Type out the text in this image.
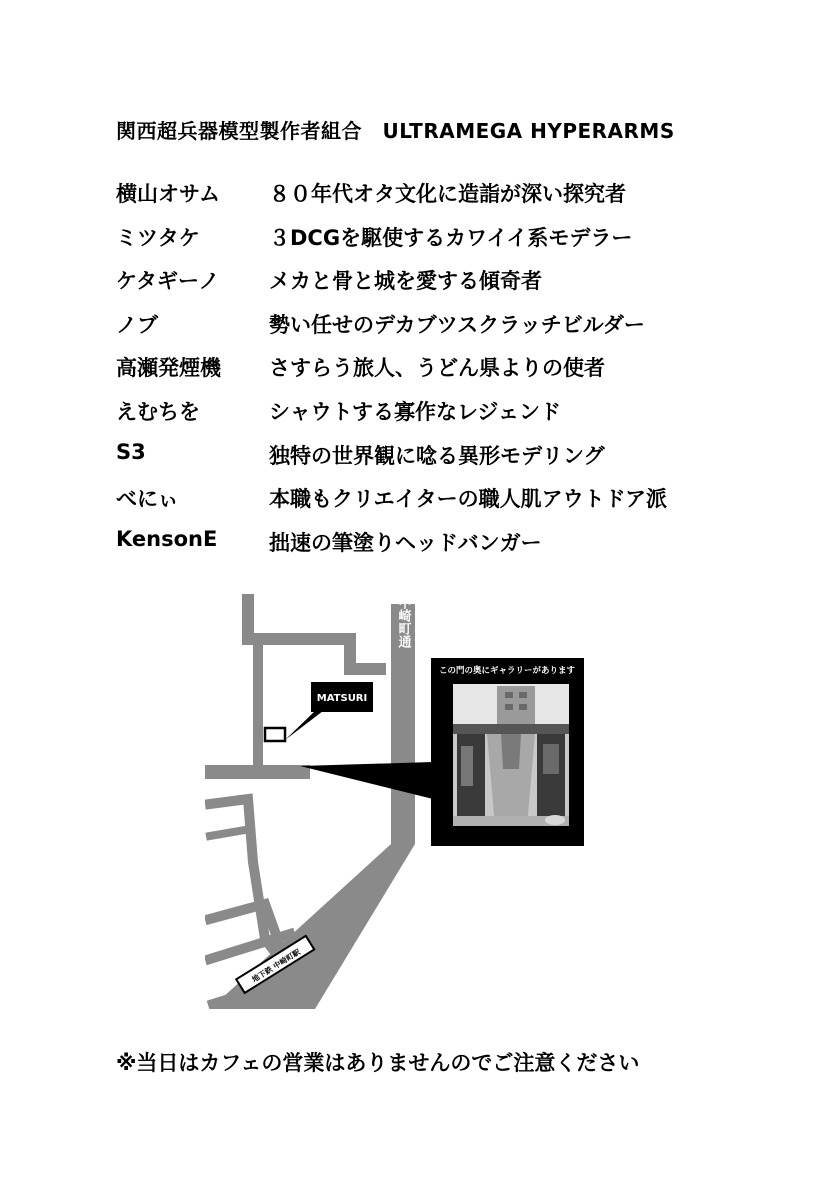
関西超兵器模型製作者組合　ULTRAMEGA HYPERARMS
横山オサム ８０年代オタ文化に造詣が深い探究者
ミツタケ	３DCGを駆使するカワイイ系モデラー
ケタギーノ メカと骨と城を愛する傾奇者
ノブ	勢い任せのデカブツスクラッチビルダー
高瀬発煙機 さすらう旅人、うどん県よりの使者
えむちを	シャウトする寡作なレジェンド
S3	独特の世界観に唸る異形モデリング
べにぃ	本職もクリエイターの職人肌アウトドア派
KensonE 拙速の筆塗りヘッドバンガー
中崎町通
MATSURI
この門の奥にギャラリーがあります
地下鉄 中崎町駅
※当日はカフェの営業はありませんのでご注意ください
